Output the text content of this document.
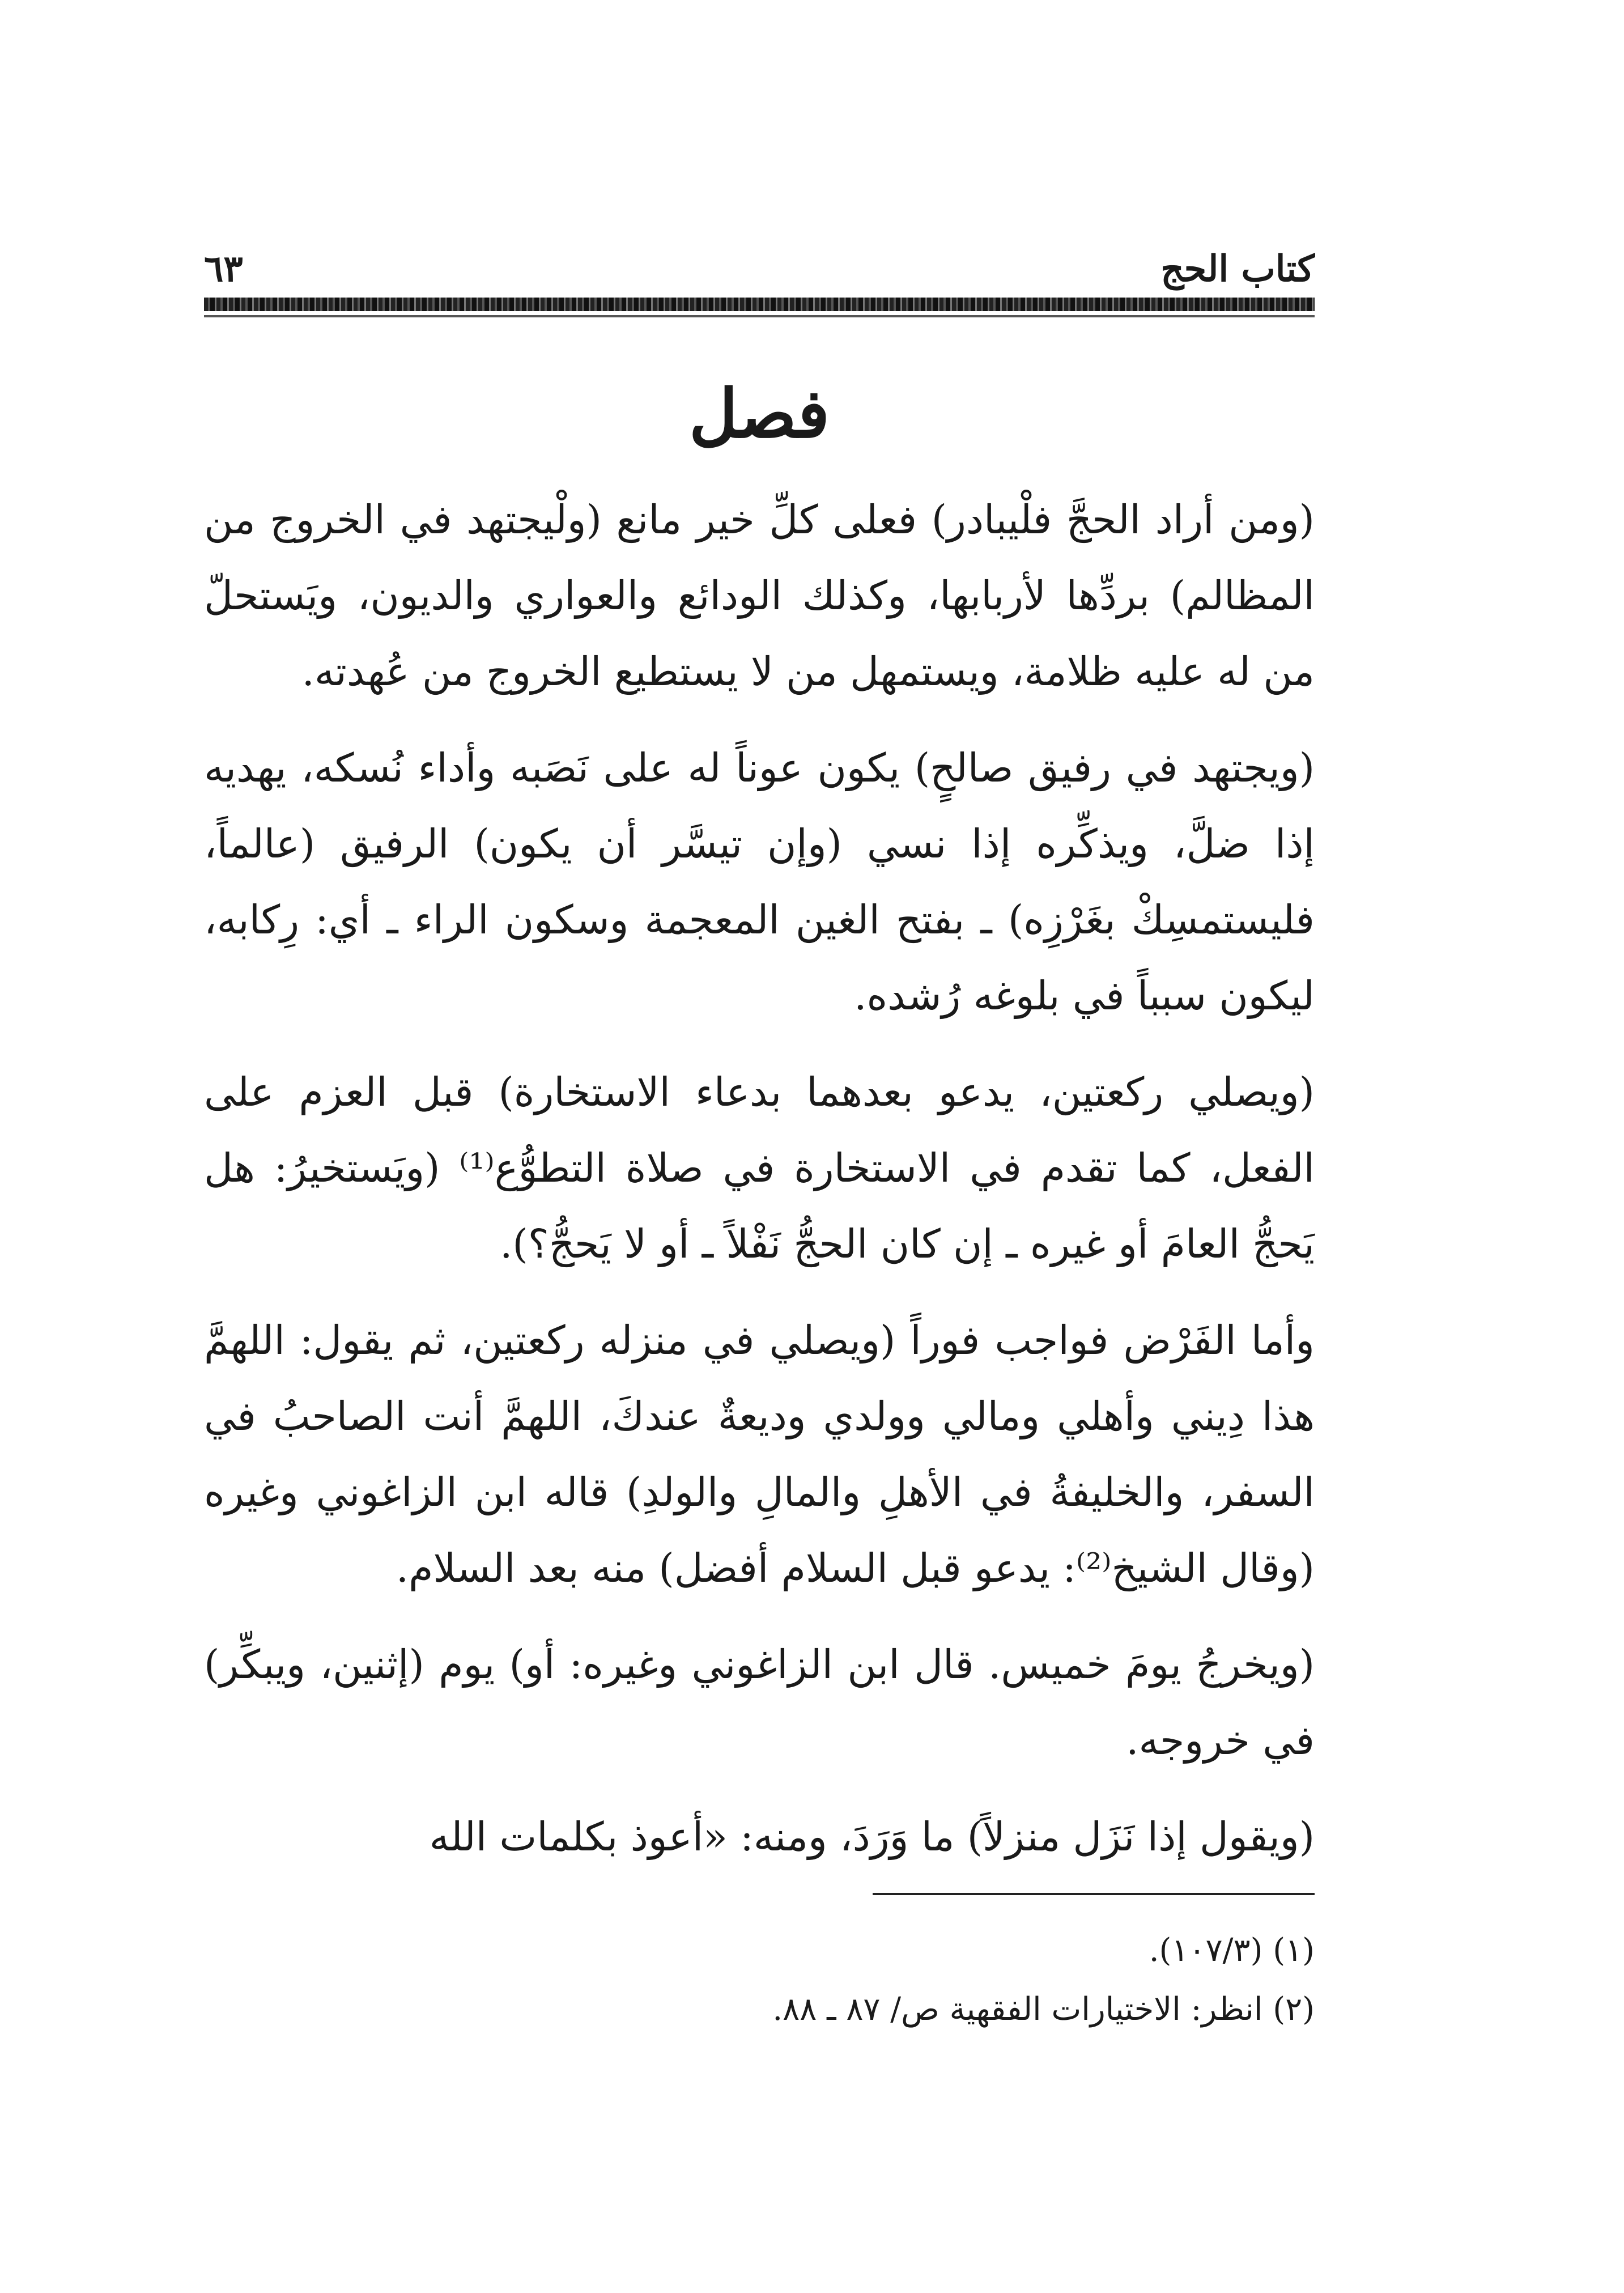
كتاب الحج
٦٣
فصل

(ومن أراد الحجَّ فلْيبادر) فعلى كلِّ خير مانع (ولْيجتهد في الخروج من المظالم) بردِّها لأربابها، وكذلك الودائع والعواري والديون، ويَستحلّ من له عليه ظلامة، ويستمهل من لا يستطيع الخروج من عُهدته.

(ويجتهد في رفيق صالحٍ) يكون عوناً له على نَصَبه وأداء نُسكه، يهديه إذا ضلَّ، ويذكِّره إذا نسي (وإن تيسَّر أن يكون) الرفيق (عالماً، فليستمسِكْ بغَرْزِه) ـ بفتح الغين المعجمة وسكون الراء ـ أي: رِكابه، ليكون سبباً في بلوغه رُشده.

(ويصلي ركعتين، يدعو بعدهما بدعاء الاستخارة) قبل العزم على الفعل، كما تقدم في الاستخارة في صلاة التطوُّع⁽¹⁾ (ويَستخيرُ: هل يَحجُّ العامَ أو غيره ـ إن كان الحجُّ نَفْلاً ـ أو لا يَحجُّ؟).

وأما الفَرْض فواجب فوراً (ويصلي في منزله ركعتين، ثم يقول: اللهمَّ هذا دِيني وأهلي ومالي وولدي وديعةٌ عندكَ، اللهمَّ أنت الصاحبُ في السفر، والخليفةُ في الأهلِ والمالِ والولدِ) قاله ابن الزاغوني وغيره (وقال الشيخ⁽²⁾: يدعو قبل السلام أفضل) منه بعد السلام.

(ويخرجُ يومَ خميس. قال ابن الزاغوني وغيره: أو) يوم (إثنين، ويبكِّر) في خروجه.

(ويقول إذا نَزَل منزلاً) ما وَرَدَ، ومنه: «أعوذ بكلمات الله

(١) (١٠٧/٣).

(٢) انظر: الاختيارات الفقهية ص/ ٨٧ ـ ٨٨.
